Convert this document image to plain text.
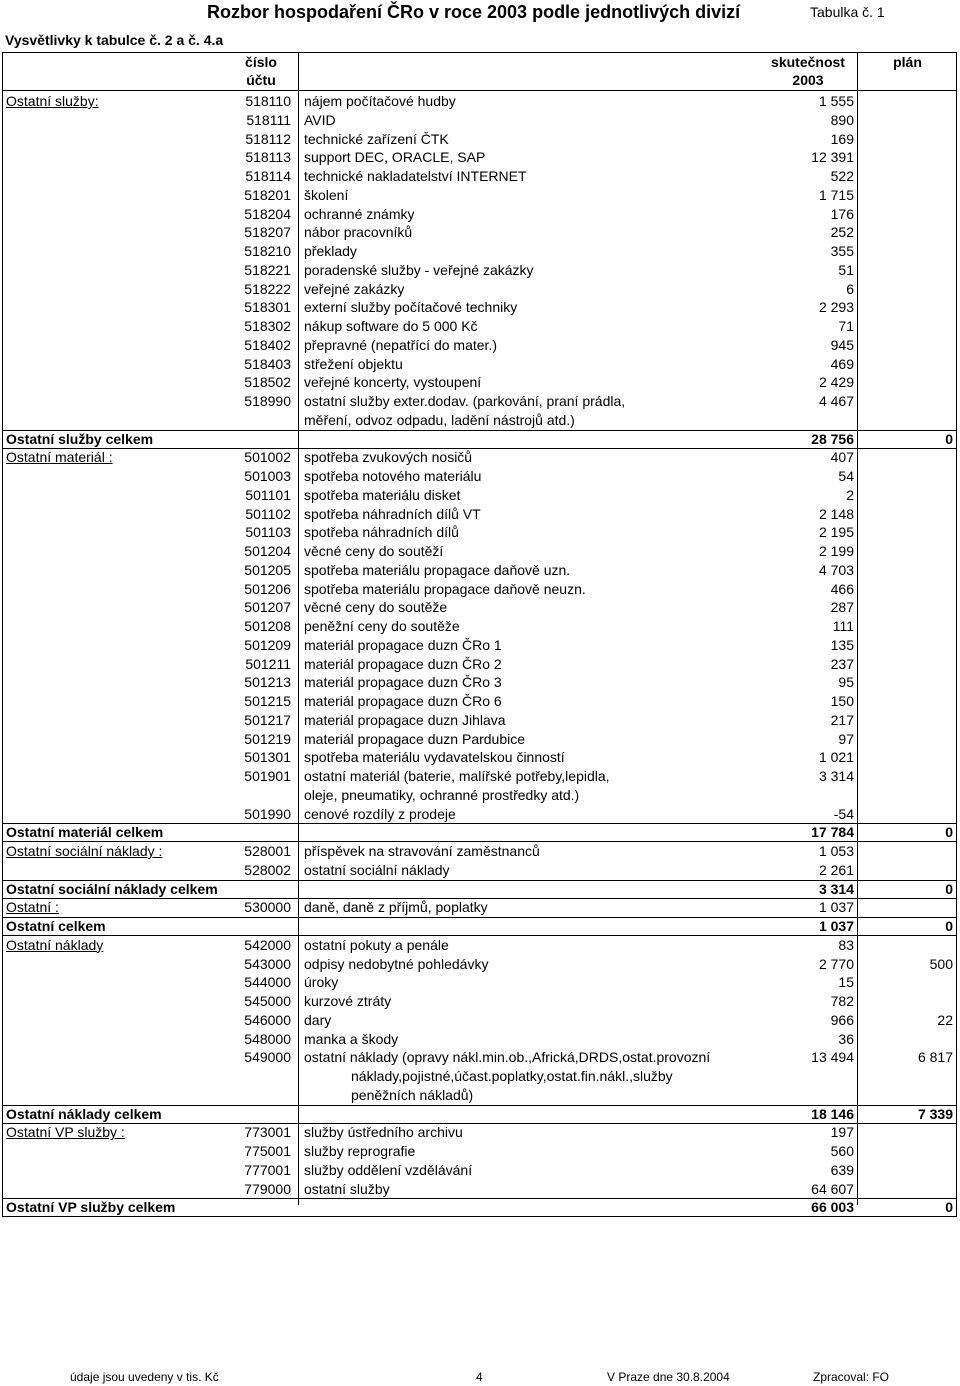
Rozbor hospodaření ČRo v roce 2003 podle jednotlivých divizí	Tabulka č. 1
Vysvětlivky k tabulce č. 2 a č. 4.a
číslo
účtu
skutečnost
2003
plán
Ostatní služby:	518110 nájem počítačové hudby	1 555
518111 AVID	890
518112 technické zařízení ČTK	169
518113 support DEC, ORACLE, SAP	12 391
518114 technické nakladatelství INTERNET	522
518201 školení	1 715
518204 ochranné známky	176
518207 nábor pracovníků	252
518210 překlady	355
518221 poradenské služby - veřejné zakázky	51
518222 veřejné zakázky	6
518301 externí služby počítačové techniky	2 293
518302 nákup software do 5 000 Kč	71
518402 přepravné (nepatřící do mater.)	945
518403 střežení objektu	469
518502 veřejné koncerty, vystoupení	2 429
518990 ostatní služby exter.dodav. (parkování, praní prádla,	4 467
měření, odvoz odpadu, ladění nástrojů atd.)
Ostatní služby celkem	28 756	0
Ostatní materiál :	501002 spotřeba zvukových nosičů	407
501003 spotřeba notového materiálu	54
501101 spotřeba materiálu disket	2
501102 spotřeba náhradních dílů VT	2 148
501103 spotřeba náhradních dílů	2 195
501204 věcné ceny do soutěží	2 199
501205 spotřeba materiálu propagace daňově uzn.	4 703
501206 spotřeba materiálu propagace daňově neuzn.	466
501207 věcné ceny do soutěže	287
501208 peněžní ceny do soutěže	111
501209 materiál propagace duzn ČRo 1	135
501211 materiál propagace duzn ČRo 2	237
501213 materiál propagace duzn ČRo 3	95
501215 materiál propagace duzn ČRo 6	150
501217 materiál propagace duzn Jihlava	217
501219 materiál propagace duzn Pardubice	97
501301 spotřeba materiálu vydavatelskou činností	1 021
501901 ostatní materiál (baterie, malířské potřeby,lepidla,	3 314
oleje, pneumatiky, ochranné prostředky atd.)
501990 cenové rozdíly z prodeje	-54
Ostatní materiál celkem	17 784	0
Ostatní sociální náklady :	528001 příspěvek na stravování zaměstnanců	1 053
528002 ostatní sociální náklady	2 261
Ostatní sociální náklady celkem	3 314	0
Ostatní :	530000 daně, daně z příjmů, poplatky	1 037
Ostatní celkem	1 037	0
Ostatní náklady	542000 ostatní pokuty a penále	83
543000 odpisy nedobytné pohledávky	2 770	500
544000 úroky	15
545000 kurzové ztráty	782
546000 dary	966	22
548000 manka a škody	36
549000 ostatní náklady (opravy nákl.min.ob.,Africká,DRDS,ostat.provozní	13 494	6 817
náklady,pojistné,účast.poplatky,ostat.fin.nákl.,služby
peněžních nákladů)
Ostatní náklady celkem	18 146	7 339
Ostatní VP služby :	773001 služby ústředního archivu	197
775001 služby reprografie	560
777001 služby oddělení vzdělávání	639
779000 ostatní služby	64 607
Ostatní VP služby celkem	66 003	0
údaje jsou uvedeny v tis. Kč	4	V Praze dne 30.8.2004	Zpracoval: FO
